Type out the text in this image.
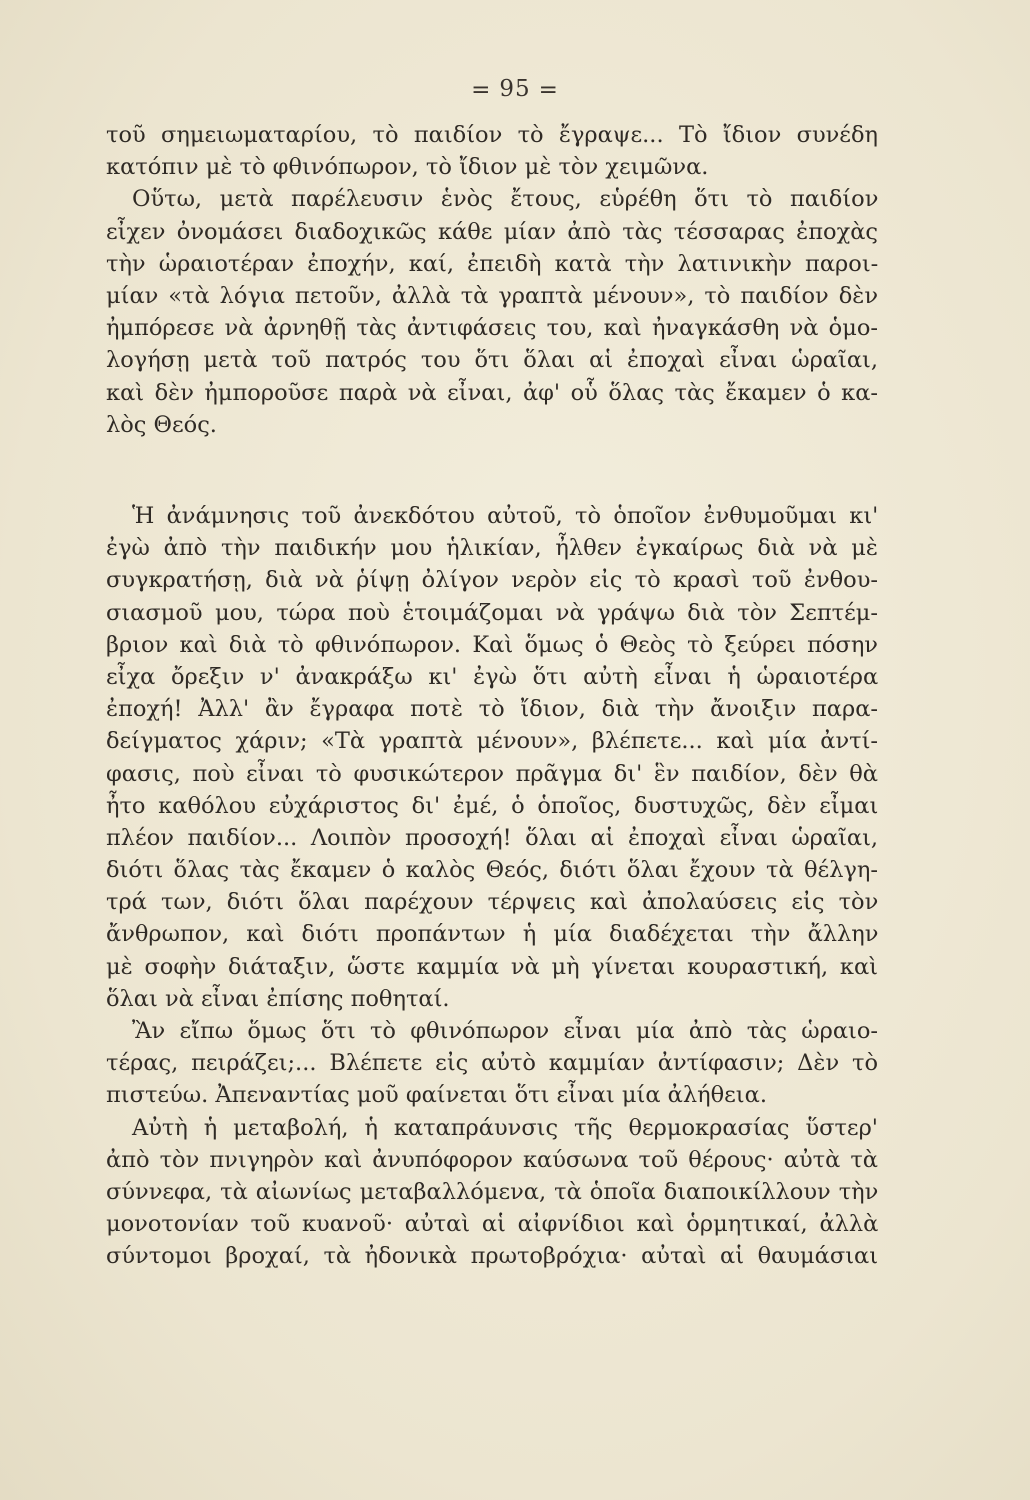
= 95 =
τοῦ σημειωματαρίου, τὸ παιδίον τὸ ἔγραψε... Τὸ ἴδιον συνέδη
κατόπιν μὲ τὸ φθινόπωρον, τὸ ἴδιον μὲ τὸν χειμῶνα.
Οὕτω, μετὰ παρέλευσιν ἑνὸς ἔτους, εὑρέθη ὅτι τὸ παιδίον
εἶχεν ὀνομάσει διαδοχικῶς κάθε μίαν ἀπὸ τὰς τέσσαρας ἐποχὰς
τὴν ὡραιοτέραν ἐποχήν, καί, ἐπειδὴ κατὰ τὴν λατινικὴν παροι-
μίαν «τὰ λόγια πετοῦν, ἀλλὰ τὰ γραπτὰ μένουν», τὸ παιδίον δὲν
ἠμπόρεσε νὰ ἀρνηθῇ τὰς ἀντιφάσεις του, καὶ ἠναγκάσθη νὰ ὁμο-
λογήσῃ μετὰ τοῦ πατρός του ὅτι ὅλαι αἱ ἐποχαὶ εἶναι ὡραῖαι,
καὶ δὲν ἠμποροῦσε παρὰ νὰ εἶναι, ἀφ' οὗ ὅλας τὰς ἔκαμεν ὁ κα-
λὸς Θεός.
Ἡ ἀνάμνησις τοῦ ἀνεκδότου αὐτοῦ, τὸ ὁποῖον ἐνθυμοῦμαι κι'
ἐγὼ ἀπὸ τὴν παιδικήν μου ἡλικίαν, ἦλθεν ἐγκαίρως διὰ νὰ μὲ
συγκρατήσῃ, διὰ νὰ ῥίψῃ ὀλίγον νερὸν εἰς τὸ κρασὶ τοῦ ἐνθου-
σιασμοῦ μου, τώρα ποὺ ἑτοιμάζομαι νὰ γράψω διὰ τὸν Σεπτέμ-
βριον καὶ διὰ τὸ φθινόπωρον. Καὶ ὅμως ὁ Θεὸς τὸ ξεύρει πόσην
εἶχα ὄρεξιν ν' ἀνακράξω κι' ἐγὼ ὅτι αὐτὴ εἶναι ἡ ὡραιοτέρα
ἐποχή! Ἀλλ' ἂν ἔγραφα ποτὲ τὸ ἴδιον, διὰ τὴν ἄνοιξιν παρα-
δείγματος χάριν; «Τὰ γραπτὰ μένουν», βλέπετε... καὶ μία ἀντί-
φασις, ποὺ εἶναι τὸ φυσικώτερον πρᾶγμα δι' ἓν παιδίον, δὲν θὰ
ἦτο καθόλου εὐχάριστος δι' ἐμέ, ὁ ὁποῖος, δυστυχῶς, δὲν εἶμαι
πλέον παιδίον... Λοιπὸν προσοχή! ὅλαι αἱ ἐποχαὶ εἶναι ὡραῖαι,
διότι ὅλας τὰς ἔκαμεν ὁ καλὸς Θεός, διότι ὅλαι ἔχουν τὰ θέλγη-
τρά των, διότι ὅλαι παρέχουν τέρψεις καὶ ἀπολαύσεις εἰς τὸν
ἄνθρωπον, καὶ διότι προπάντων ἡ μία διαδέχεται τὴν ἄλλην
μὲ σοφὴν διάταξιν, ὥστε καμμία νὰ μὴ γίνεται κουραστική, καὶ
ὅλαι νὰ εἶναι ἐπίσης ποθηταί.
Ἂν εἴπω ὅμως ὅτι τὸ φθινόπωρον εἶναι μία ἀπὸ τὰς ὡραιο-
τέρας, πειράζει;... Βλέπετε εἰς αὐτὸ καμμίαν ἀντίφασιν; Δὲν τὸ
πιστεύω. Ἀπεναντίας μοῦ φαίνεται ὅτι εἶναι μία ἀλήθεια.
Αὐτὴ ἡ μεταβολή, ἡ καταπράυνσις τῆς θερμοκρασίας ὕστερ'
ἀπὸ τὸν πνιγηρὸν καὶ ἀνυπόφορον καύσωνα τοῦ θέρους· αὐτὰ τὰ
σύννεφα, τὰ αἰωνίως μεταβαλλόμενα, τὰ ὁποῖα διαποικίλλουν τὴν
μονοτονίαν τοῦ κυανοῦ· αὐταὶ αἱ αἰφνίδιοι καὶ ὁρμητικαί, ἀλλὰ
σύντομοι βροχαί, τὰ ἠδονικὰ πρωτοβρόχια· αὐταὶ αἱ θαυμάσιαι
